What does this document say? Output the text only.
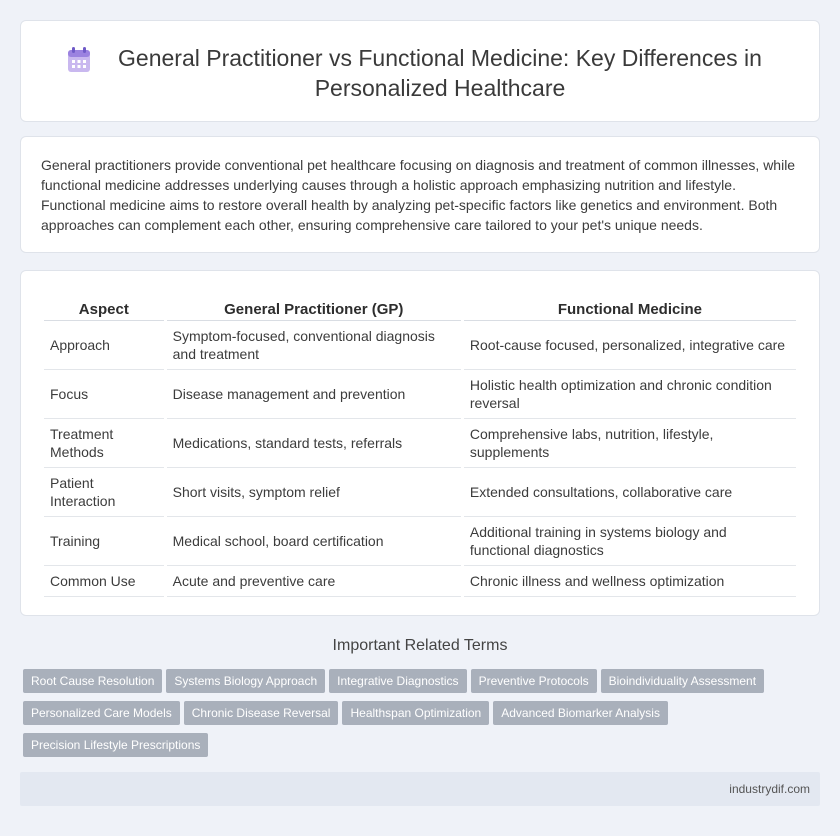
General Practitioner vs Functional Medicine: Key Differences in Personalized Healthcare

General practitioners provide conventional pet healthcare focusing on diagnosis and treatment of common illnesses, while functional medicine addresses underlying causes through a holistic approach emphasizing nutrition and lifestyle. Functional medicine aims to restore overall health by analyzing pet-specific factors like genetics and environment. Both approaches can complement each other, ensuring comprehensive care tailored to your pet's unique needs.

Aspect	General Practitioner (GP)	Functional Medicine
Approach	Symptom-focused, conventional diagnosis and treatment	Root-cause focused, personalized, integrative care
Focus	Disease management and prevention	Holistic health optimization and chronic condition reversal
Treatment Methods	Medications, standard tests, referrals	Comprehensive labs, nutrition, lifestyle, supplements
Patient Interaction	Short visits, symptom relief	Extended consultations, collaborative care
Training	Medical school, board certification	Additional training in systems biology and functional diagnostics
Common Use	Acute and preventive care	Chronic illness and wellness optimization
Important Related Terms
Root Cause Resolution Systems Biology Approach Integrative Diagnostics Preventive Protocols Bioindividuality AssessmentPersonalized Care Models Chronic Disease Reversal Healthspan Optimization Advanced Biomarker AnalysisPrecision Lifestyle Prescriptions
industrydif.com
